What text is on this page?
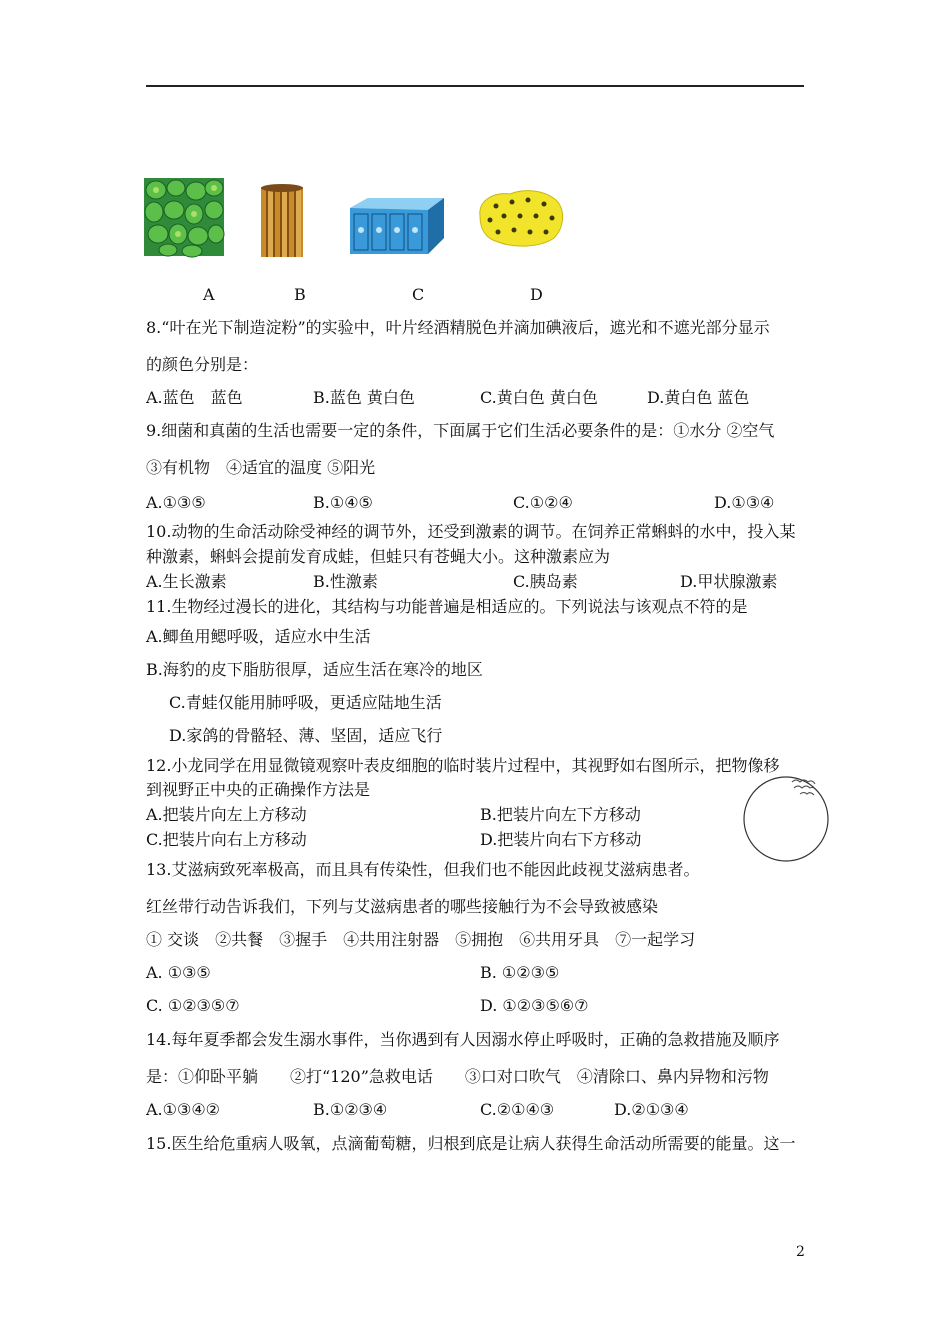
A	B	C	D
8.“叶在光下制造淀粉”的实验中，叶片经酒精脱色并滴加碘液后，遮光和不遮光部分显示
的颜色分别是：
A.蓝色　蓝色	B.蓝色 黄白色	C.黄白色 黄白色	D.黄白色 蓝色
9.细菌和真菌的生活也需要一定的条件，下面属于它们生活必要条件的是：①水分 ②空气
③有机物　④适宜的温度 ⑤阳光
A.①③⑤	B.①④⑤	C.①②④	D.①③④
10.动物的生命活动除受神经的调节外，还受到激素的调节。在饲养正常蝌蚪的水中，投入某
种激素，蝌蚪会提前发育成蛙，但蛙只有苍蝇大小。这种激素应为
A.生长激素	B.性激素	C.胰岛素	D.甲状腺激素
11.生物经过漫长的进化，其结构与功能普遍是相适应的。下列说法与该观点不符的是
A.鲫鱼用鳃呼吸，适应水中生活
B.海豹的皮下脂肪很厚，适应生活在寒冷的地区
C.青蛙仅能用肺呼吸，更适应陆地生活
D.家鸽的骨骼轻、薄、坚固，适应飞行
12.小龙同学在用显微镜观察叶表皮细胞的临时装片过程中，其视野如右图所示，把物像移
到视野正中央的正确操作方法是
A.把装片向左上方移动	B.把装片向左下方移动
C.把装片向右上方移动	D.把装片向右下方移动
13.艾滋病致死率极高，而且具有传染性，但我们也不能因此歧视艾滋病患者。
红丝带行动告诉我们，下列与艾滋病患者的哪些接触行为不会导致被感染
① 交谈　②共餐　③握手　④共用注射器　⑤拥抱　⑥共用牙具　⑦一起学习
A. ①③⑤	B. ①②③⑤
C. ①②③⑤⑦	D. ①②③⑤⑥⑦
14.每年夏季都会发生溺水事件，当你遇到有人因溺水停止呼吸时，正确的急救措施及顺序
是：①仰卧平躺　　②打“120”急救电话　　③口对口吹气　④清除口、鼻内异物和污物
A.①③④②	B.①②③④	C.②①④③	D.②①③④
15.医生给危重病人吸氧，点滴葡萄糖，归根到底是让病人获得生命活动所需要的能量。这一
2
